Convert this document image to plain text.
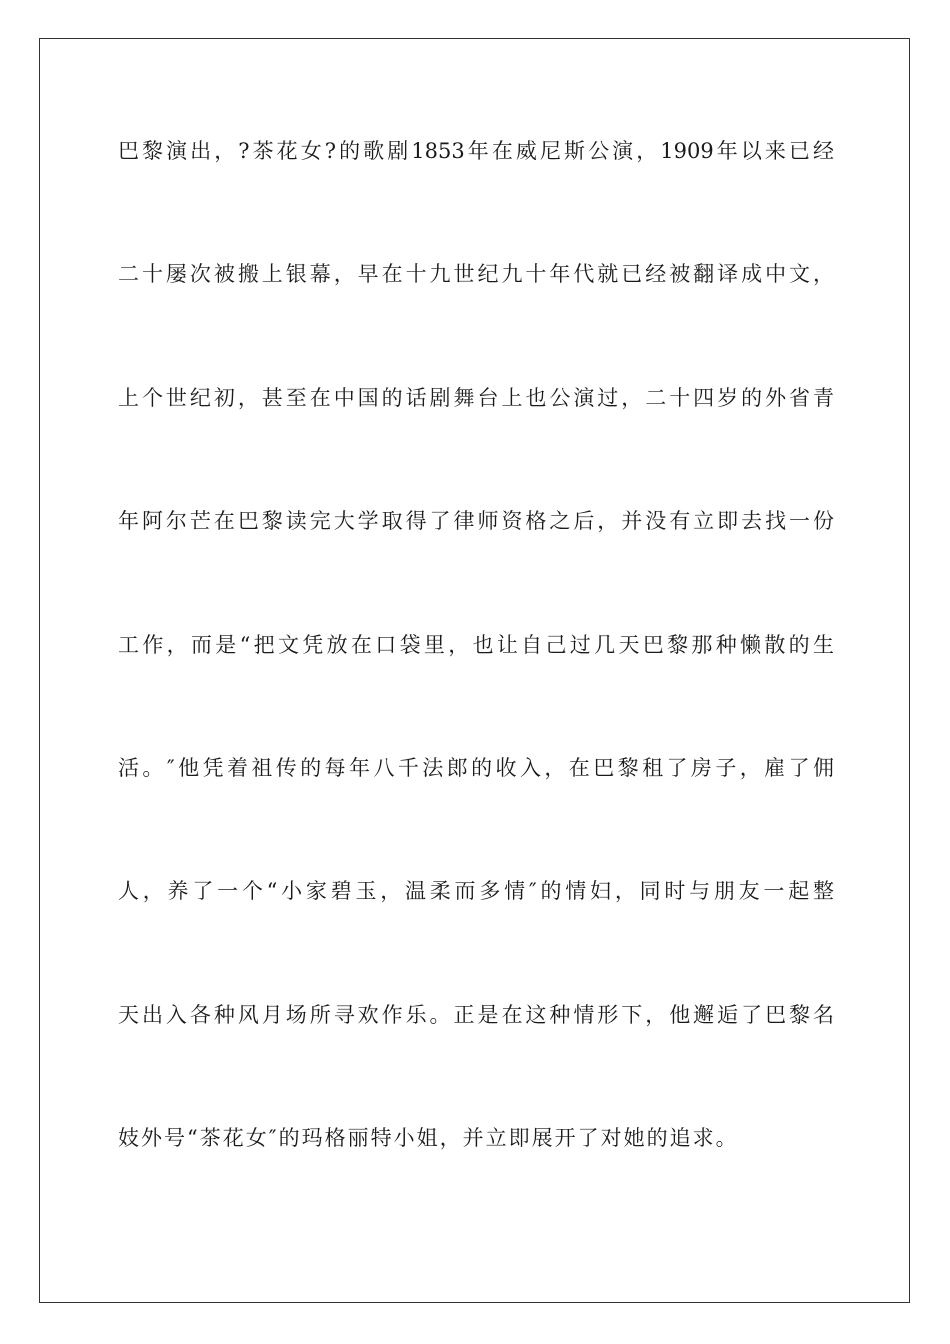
巴黎演出，?茶花女?的歌剧1853年在威尼斯公演，1909年以来已经
二十屡次被搬上银幕，早在十九世纪九十年代就已经被翻译成中文，
上个世纪初，甚至在中国的话剧舞台上也公演过，二十四岁的外省青
年阿尔芒在巴黎读完大学取得了律师资格之后，并没有立即去找一份
工作，而是“把文凭放在口袋里，也让自己过几天巴黎那种懒散的生
活。″他凭着祖传的每年八千法郎的收入，在巴黎租了房子，雇了佣
人，养了一个“小家碧玉，温柔而多情″的情妇，同时与朋友一起整
天出入各种风月场所寻欢作乐。正是在这种情形下，他邂逅了巴黎名
妓外号“茶花女″的玛格丽特小姐，并立即展开了对她的追求。
